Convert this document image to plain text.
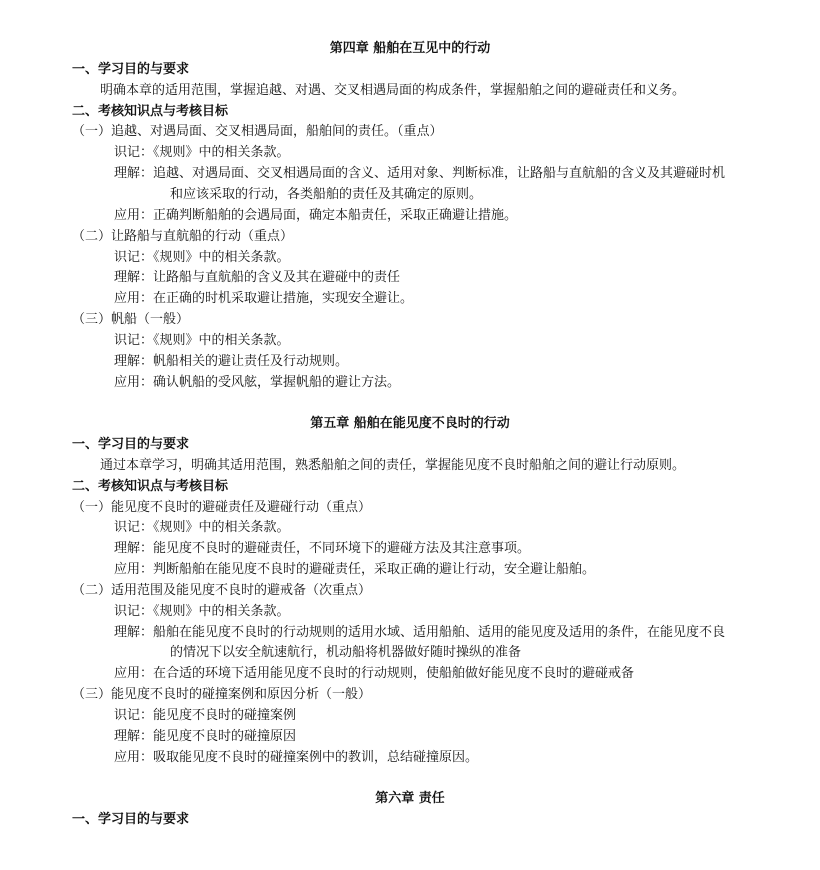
第四章 船舶在互见中的行动
一、学习目的与要求
明确本章的适用范围，掌握追越、对遇、交叉相遇局面的构成条件，掌握船舶之间的避碰责任和义务。
二、考核知识点与考核目标
（一）追越、对遇局面、交叉相遇局面，船舶间的责任。（重点）
识记：《规则》中的相关条款。
理解：追越、对遇局面、交叉相遇局面的含义、适用对象、判断标准，让路船与直航船的含义及其避碰时机
和应该采取的行动，各类船舶的责任及其确定的原则。
应用：正确判断船舶的会遇局面，确定本船责任，采取正确避让措施。
（二）让路船与直航船的行动（重点）
识记：《规则》中的相关条款。
理解：让路船与直航船的含义及其在避碰中的责任
应用：在正确的时机采取避让措施，实现安全避让。
（三）帆船（一般）
识记：《规则》中的相关条款。
理解：帆船相关的避让责任及行动规则。
应用：确认帆船的受风舷，掌握帆船的避让方法。
第五章 船舶在能见度不良时的行动
一、学习目的与要求
通过本章学习，明确其适用范围，熟悉船舶之间的责任，掌握能见度不良时船舶之间的避让行动原则。
二、考核知识点与考核目标
（一）能见度不良时的避碰责任及避碰行动（重点）
识记：《规则》中的相关条款。
理解：能见度不良时的避碰责任，不同环境下的避碰方法及其注意事项。
应用：判断船舶在能见度不良时的避碰责任，采取正确的避让行动，安全避让船舶。
（二）适用范围及能见度不良时的避戒备（次重点）
识记：《规则》中的相关条款。
理解：船舶在能见度不良时的行动规则的适用水域、适用船舶、适用的能见度及适用的条件，在能见度不良
的情况下以安全航速航行，机动船将机器做好随时操纵的准备
应用：在合适的环境下适用能见度不良时的行动规则，使船舶做好能见度不良时的避碰戒备
（三）能见度不良时的碰撞案例和原因分析（一般）
识记：能见度不良时的碰撞案例
理解：能见度不良时的碰撞原因
应用：吸取能见度不良时的碰撞案例中的教训，总结碰撞原因。
第六章 责任
一、学习目的与要求
